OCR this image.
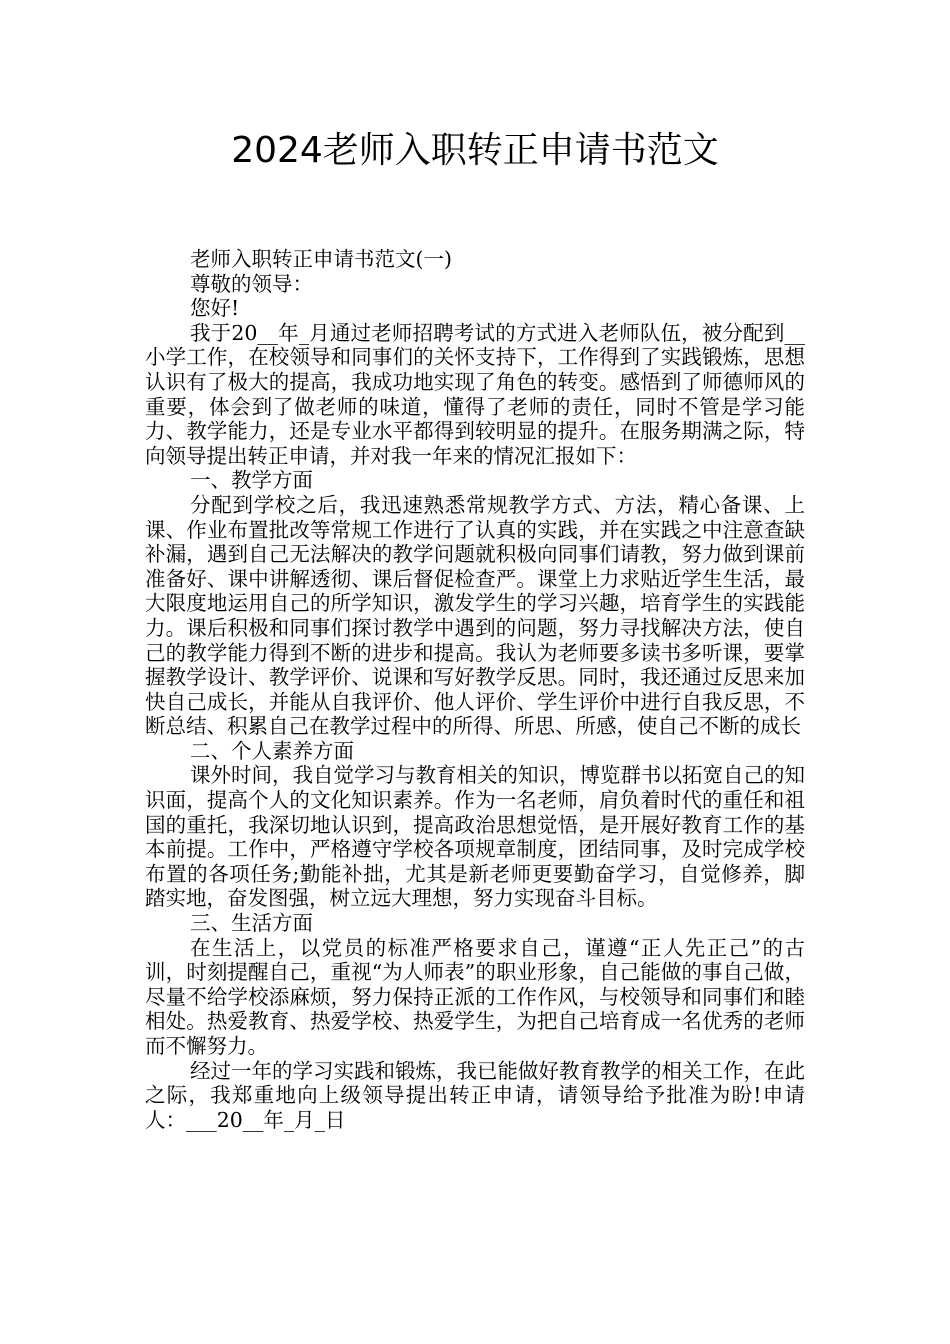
2024老师入职转正申请书范文

老师入职转正申请书范文(一)

尊敬的领导：

您好!

我于20__年_月通过老师招聘考试的方式进入老师队伍，被分配到__小学工作，在校领导和同事们的关怀支持下，工作得到了实践锻炼，思想认识有了极大的提高，我成功地实现了角色的转变。感悟到了师德师风的重要，体会到了做老师的味道，懂得了老师的责任，同时不管是学习能力、教学能力，还是专业水平都得到较明显的提升。在服务期满之际，特向领导提出转正申请，并对我一年来的情况汇报如下：

一、教学方面

分配到学校之后，我迅速熟悉常规教学方式、方法，精心备课、上课、作业布置批改等常规工作进行了认真的实践，并在实践之中注意查缺补漏，遇到自己无法解决的教学问题就积极向同事们请教，努力做到课前准备好、课中讲解透彻、课后督促检查严。课堂上力求贴近学生生活，最大限度地运用自己的所学知识，激发学生的学习兴趣，培育学生的实践能力。课后积极和同事们探讨教学中遇到的问题，努力寻找解决方法，使自己的教学能力得到不断的进步和提高。我认为老师要多读书多听课，要掌握教学设计、教学评价、说课和写好教学反思。同时，我还通过反思来加快自己成长，并能从自我评价、他人评价、学生评价中进行自我反思，不断总结、积累自己在教学过程中的所得、所思、所感，使自己不断的成长

二、个人素养方面

课外时间，我自觉学习与教育相关的知识，博览群书以拓宽自己的知识面，提高个人的文化知识素养。作为一名老师，肩负着时代的重任和祖国的重托，我深切地认识到，提高政治思想觉悟，是开展好教育工作的基本前提。工作中，严格遵守学校各项规章制度，团结同事，及时完成学校布置的各项任务;勤能补拙，尤其是新老师更要勤奋学习，自觉修养，脚踏实地，奋发图强，树立远大理想，努力实现奋斗目标。

三、生活方面

在生活上，以党员的标准严格要求自己，谨遵“正人先正己”的古训，时刻提醒自己，重视“为人师表”的职业形象，自己能做的事自己做，尽量不给学校添麻烦，努力保持正派的工作作风，与校领导和同事们和睦相处。热爱教育、热爱学校、热爱学生，为把自己培育成一名优秀的老师而不懈努力。

经过一年的学习实践和锻炼，我已能做好教育教学的相关工作，在此之际，我郑重地向上级领导提出转正申请，请领导给予批准为盼!申请人：___20__年_月_日
